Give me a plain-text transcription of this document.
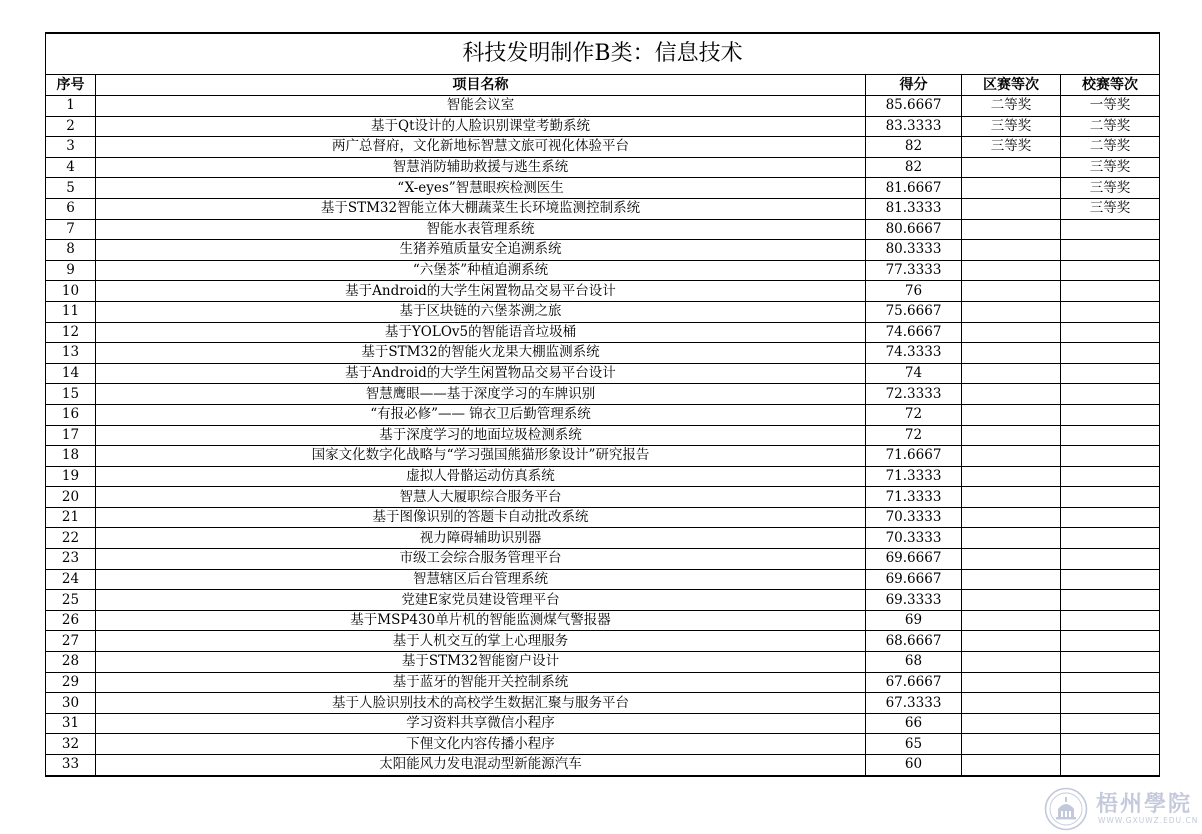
科技发明制作B类：信息技术				
序号	项目名称	得分	区赛等次	校赛等次
1	智能会议室	85.6667	二等奖	一等奖
2	基于Qt设计的人脸识别课堂考勤系统	83.3333	三等奖	二等奖
3	两广总督府，文化新地标智慧文旅可视化体验平台	82	三等奖	二等奖
4	智慧消防辅助救援与逃生系统	82		三等奖
5	“X-eyes”智慧眼疾检测医生	81.6667		三等奖
6	基于STM32智能立体大棚蔬菜生长环境监测控制系统	81.3333		三等奖
7	智能水表管理系统	80.6667		
8	生猪养殖质量安全追溯系统	80.3333		
9	“六堡茶”种植追溯系统	77.3333		
10	基于Android的大学生闲置物品交易平台设计	76		
11	基于区块链的六堡茶溯之旅	75.6667		
12	基于YOLOv5的智能语音垃圾桶	74.6667		
13	基于STM32的智能火龙果大棚监测系统	74.3333		
14	基于Android的大学生闲置物品交易平台设计	74		
15	智慧鹰眼——基于深度学习的车牌识别	72.3333		
16	“有报必修”—— 锦衣卫后勤管理系统	72		
17	基于深度学习的地面垃圾检测系统	72		
18	国家文化数字化战略与“学习强国熊猫形象设计”研究报告	71.6667		
19	虚拟人骨骼运动仿真系统	71.3333		
20	智慧人大履职综合服务平台	71.3333		
21	基于图像识别的答题卡自动批改系统	70.3333		
22	视力障碍辅助识别器	70.3333		
23	市级工会综合服务管理平台	69.6667		
24	智慧辖区后台管理系统	69.6667		
25	党建E家党员建设管理平台	69.3333		
26	基于MSP430单片机的智能监测煤气警报器	69		
27	基于人机交互的掌上心理服务	68.6667		
28	基于STM32智能窗户设计	68		
29	基于蓝牙的智能开关控制系统	67.6667		
30	基于人脸识别技术的高校学生数据汇聚与服务平台	67.3333		
31	学习资料共享微信小程序	66		
32	下俚文化内容传播小程序	65		
33	太阳能风力发电混动型新能源汽车	60		
梧州學院
WWW.GXUWZ.EDU.CN
